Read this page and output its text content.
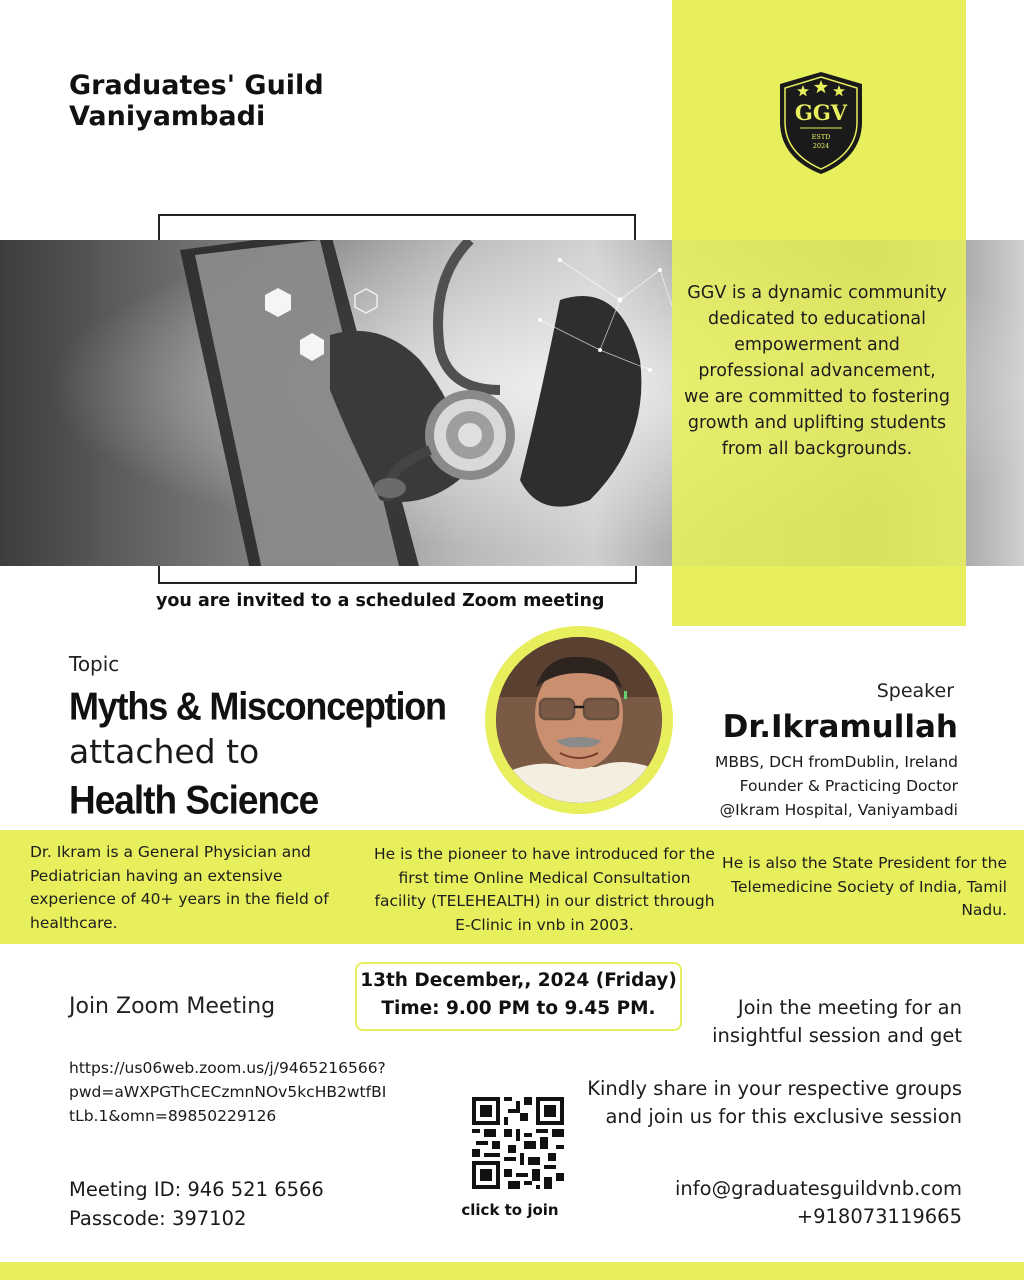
Graduates' Guild
Vaniyambadi	GGV
ESTD
2024
GGV is a dynamic community dedicated to educational empowerment and professional advancement, we are committed to fostering growth and uplifting students from all backgrounds.
you are invited to a scheduled Zoom meeting
Topic
Myths & Misconception
attached to
Health Science
Speaker
Dr.Ikramullah
MBBS, DCH fromDublin, Ireland
Founder & Practicing Doctor
@Ikram Hospital, Vaniyambadi
Dr. Ikram is a General Physician and Pediatrician having an extensive experience of 40+ years in the field of healthcare.
He is the pioneer to have introduced for the first time Online Medical Consultation facility (TELEHEALTH) in our district through E-Clinic in vnb in 2003.
He is also the State President for the Telemedicine Society of India, Tamil Nadu.
13th December,, 2024 (Friday)
Time: 9.00 PM to 9.45 PM.
Join Zoom Meeting
https://us06web.zoom.us/j/9465216566?pwd=aWXPGThCECzmnNOv5kcHB2wtfBItLb.1&omn=89850229126
Meeting ID: 946 521 6566
Passcode: 397102	click to join
Join the meeting for an insightful session and get
Kindly share in your respective groups and join us for this exclusive session
info@graduatesguildvnb.com
+918073119665
